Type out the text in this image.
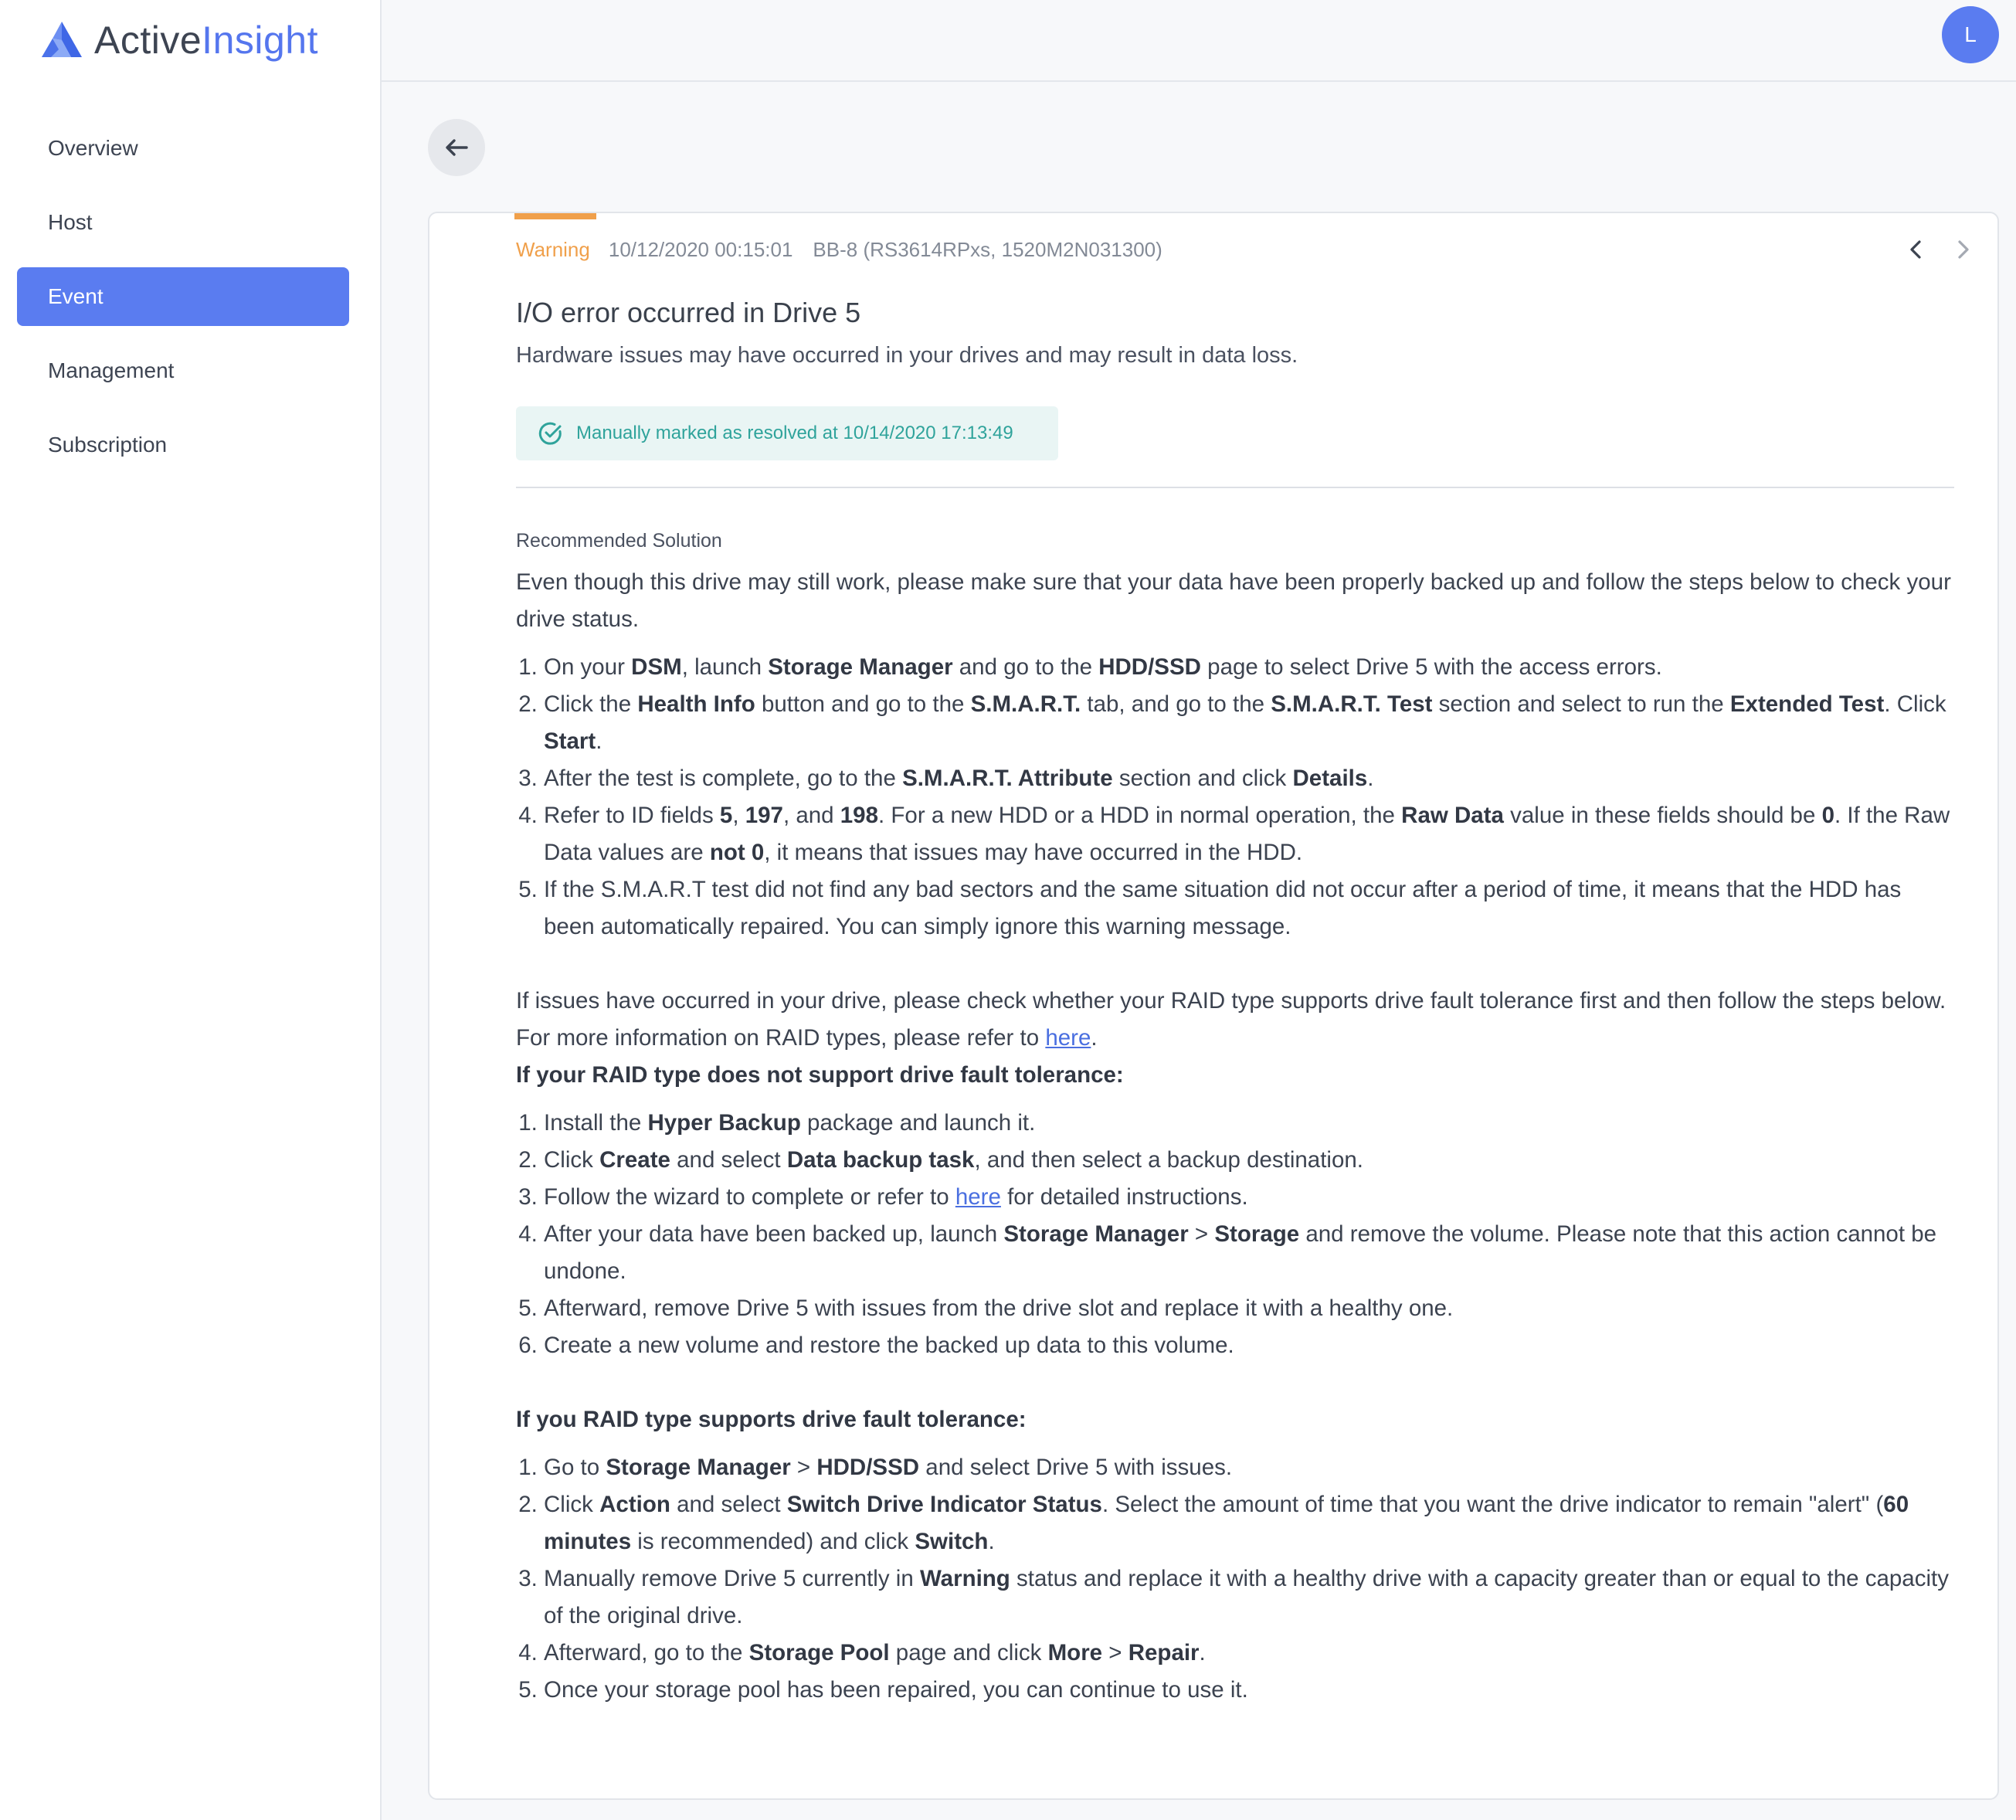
ActiveInsight
Overview
Host
Event
Management
Subscription
L
Warning 10/12/2020 00:15:01 BB-8 (RS3614RPxs, 1520M2N031300)
I/O error occurred in Drive 5
Hardware issues may have occurred in your drives and may result in data loss.
Manually marked as resolved at 10/14/2020 17:13:49
Recommended Solution

Even though this drive may still work, please make sure that your data have been properly backed up and follow the steps below to check your drive status.

1. On your DSM, launch Storage Manager and go to the HDD/SSD page to select Drive 5 with the access errors.
2. Click the Health Info button and go to the S.M.A.R.T. tab, and go to the S.M.A.R.T. Test section and select to run the Extended Test. Click Start.
3. After the test is complete, go to the S.M.A.R.T. Attribute section and click Details.
4. Refer to ID fields 5, 197, and 198. For a new HDD or a HDD in normal operation, the Raw Data value in these fields should be 0. If the Raw Data values are not 0, it means that issues may have occurred in the HDD.
5. If the S.M.A.R.T test did not find any bad sectors and the same situation did not occur after a period of time, it means that the HDD has been automatically repaired. You can simply ignore this warning message.

If issues have occurred in your drive, please check whether your RAID type supports drive fault tolerance first and then follow the steps below. For more information on RAID types, please refer to here.

If your RAID type does not support drive fault tolerance:
1. Install the Hyper Backup package and launch it.
2. Click Create and select Data backup task, and then select a backup destination.
3. Follow the wizard to complete or refer to here for detailed instructions.
4. After your data have been backed up, launch Storage Manager > Storage and remove the volume. Please note that this action cannot be undone.
5. Afterward, remove Drive 5 with issues from the drive slot and replace it with a healthy one.
6. Create a new volume and restore the backed up data to this volume.
If you RAID type supports drive fault tolerance:
1. Go to Storage Manager > HDD/SSD and select Drive 5 with issues.
2. Click Action and select Switch Drive Indicator Status. Select the amount of time that you want the drive indicator to remain "alert" (60 minutes is recommended) and click Switch.
3. Manually remove Drive 5 currently in Warning status and replace it with a healthy drive with a capacity greater than or equal to the capacity of the original drive.
4. Afterward, go to the Storage Pool page and click More > Repair.
5. Once your storage pool has been repaired, you can continue to use it.
